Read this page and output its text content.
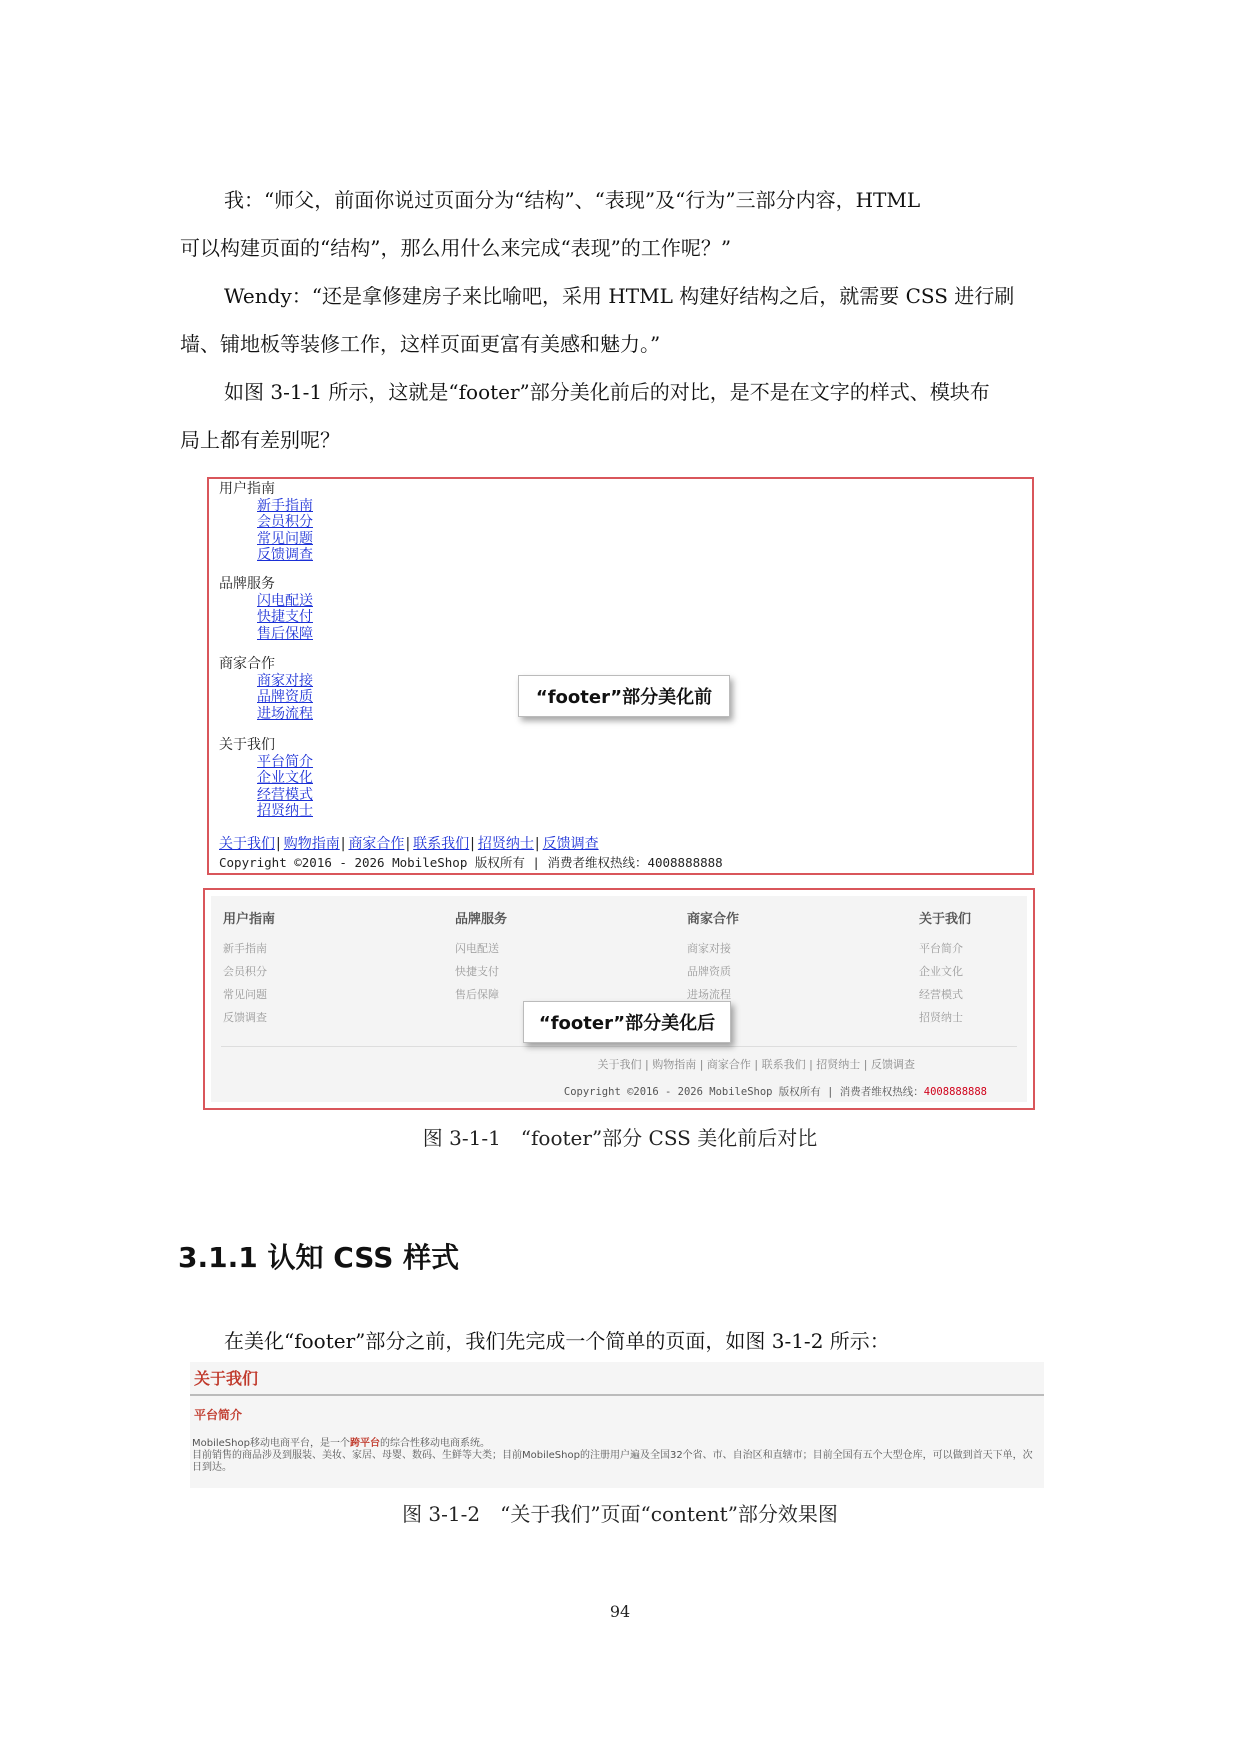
我：“师父，前面你说过页面分为“结构”、“表现”及“行为”三部分内容，HTML
可以构建页面的“结构”，那么用什么来完成“表现”的工作呢？”

Wendy：“还是拿修建房子来比喻吧，采用 HTML 构建好结构之后，就需要 CSS 进行刷
墙、铺地板等装修工作，这样页面更富有美感和魅力。”

如图 3-1-1 所示，这就是“footer”部分美化前后的对比，是不是在文字的样式、模块布
局上都有差别呢？

用户指南
新手指南
会员积分
常见问题
反馈调查
品牌服务
闪电配送
快捷支付
售后保障
商家合作
商家对接
品牌资质
进场流程
关于我们
平台简介
企业文化
经营模式
招贤纳士
关于我们| 购物指南| 商家合作| 联系我们| 招贤纳士| 反馈调查
Copyright ©2016 - 2026 MobileShop 版权所有 | 消费者维权热线：4008888888
“footer”部分美化前
用户指南
新手指南
会员积分
常见问题
反馈调查
品牌服务
闪电配送
快捷支付
售后保障
商家合作
商家对接
品牌资质
进场流程
关于我们
平台简介
企业文化
经营模式
招贤纳士
关于我们 | 购物指南 | 商家合作 | 联系我们 | 招贤纳士 | 反馈调查
Copyright ©2016 - 2026 MobileShop 版权所有 | 消费者维权热线：4008888888
“footer”部分美化后
图 3-1-1　“footer”部分 CSS 美化前后对比
3.1.1 认知 CSS 样式

在美化“footer”部分之前，我们先完成一个简单的页面，如图 3-1-2 所示：

关于我们
平台简介
MobileShop移动电商平台，是一个跨平台的综合性移动电商系统。
目前销售的商品涉及到服装、美妆、家居、母婴、数码、生鲜等大类；目前MobileShop的注册用户遍及全国32个省、市、自治区和直辖市；目前全国有五个大型仓库，可以做到首天下单，次日到达。
图 3-1-2　“关于我们”页面“content”部分效果图
94
